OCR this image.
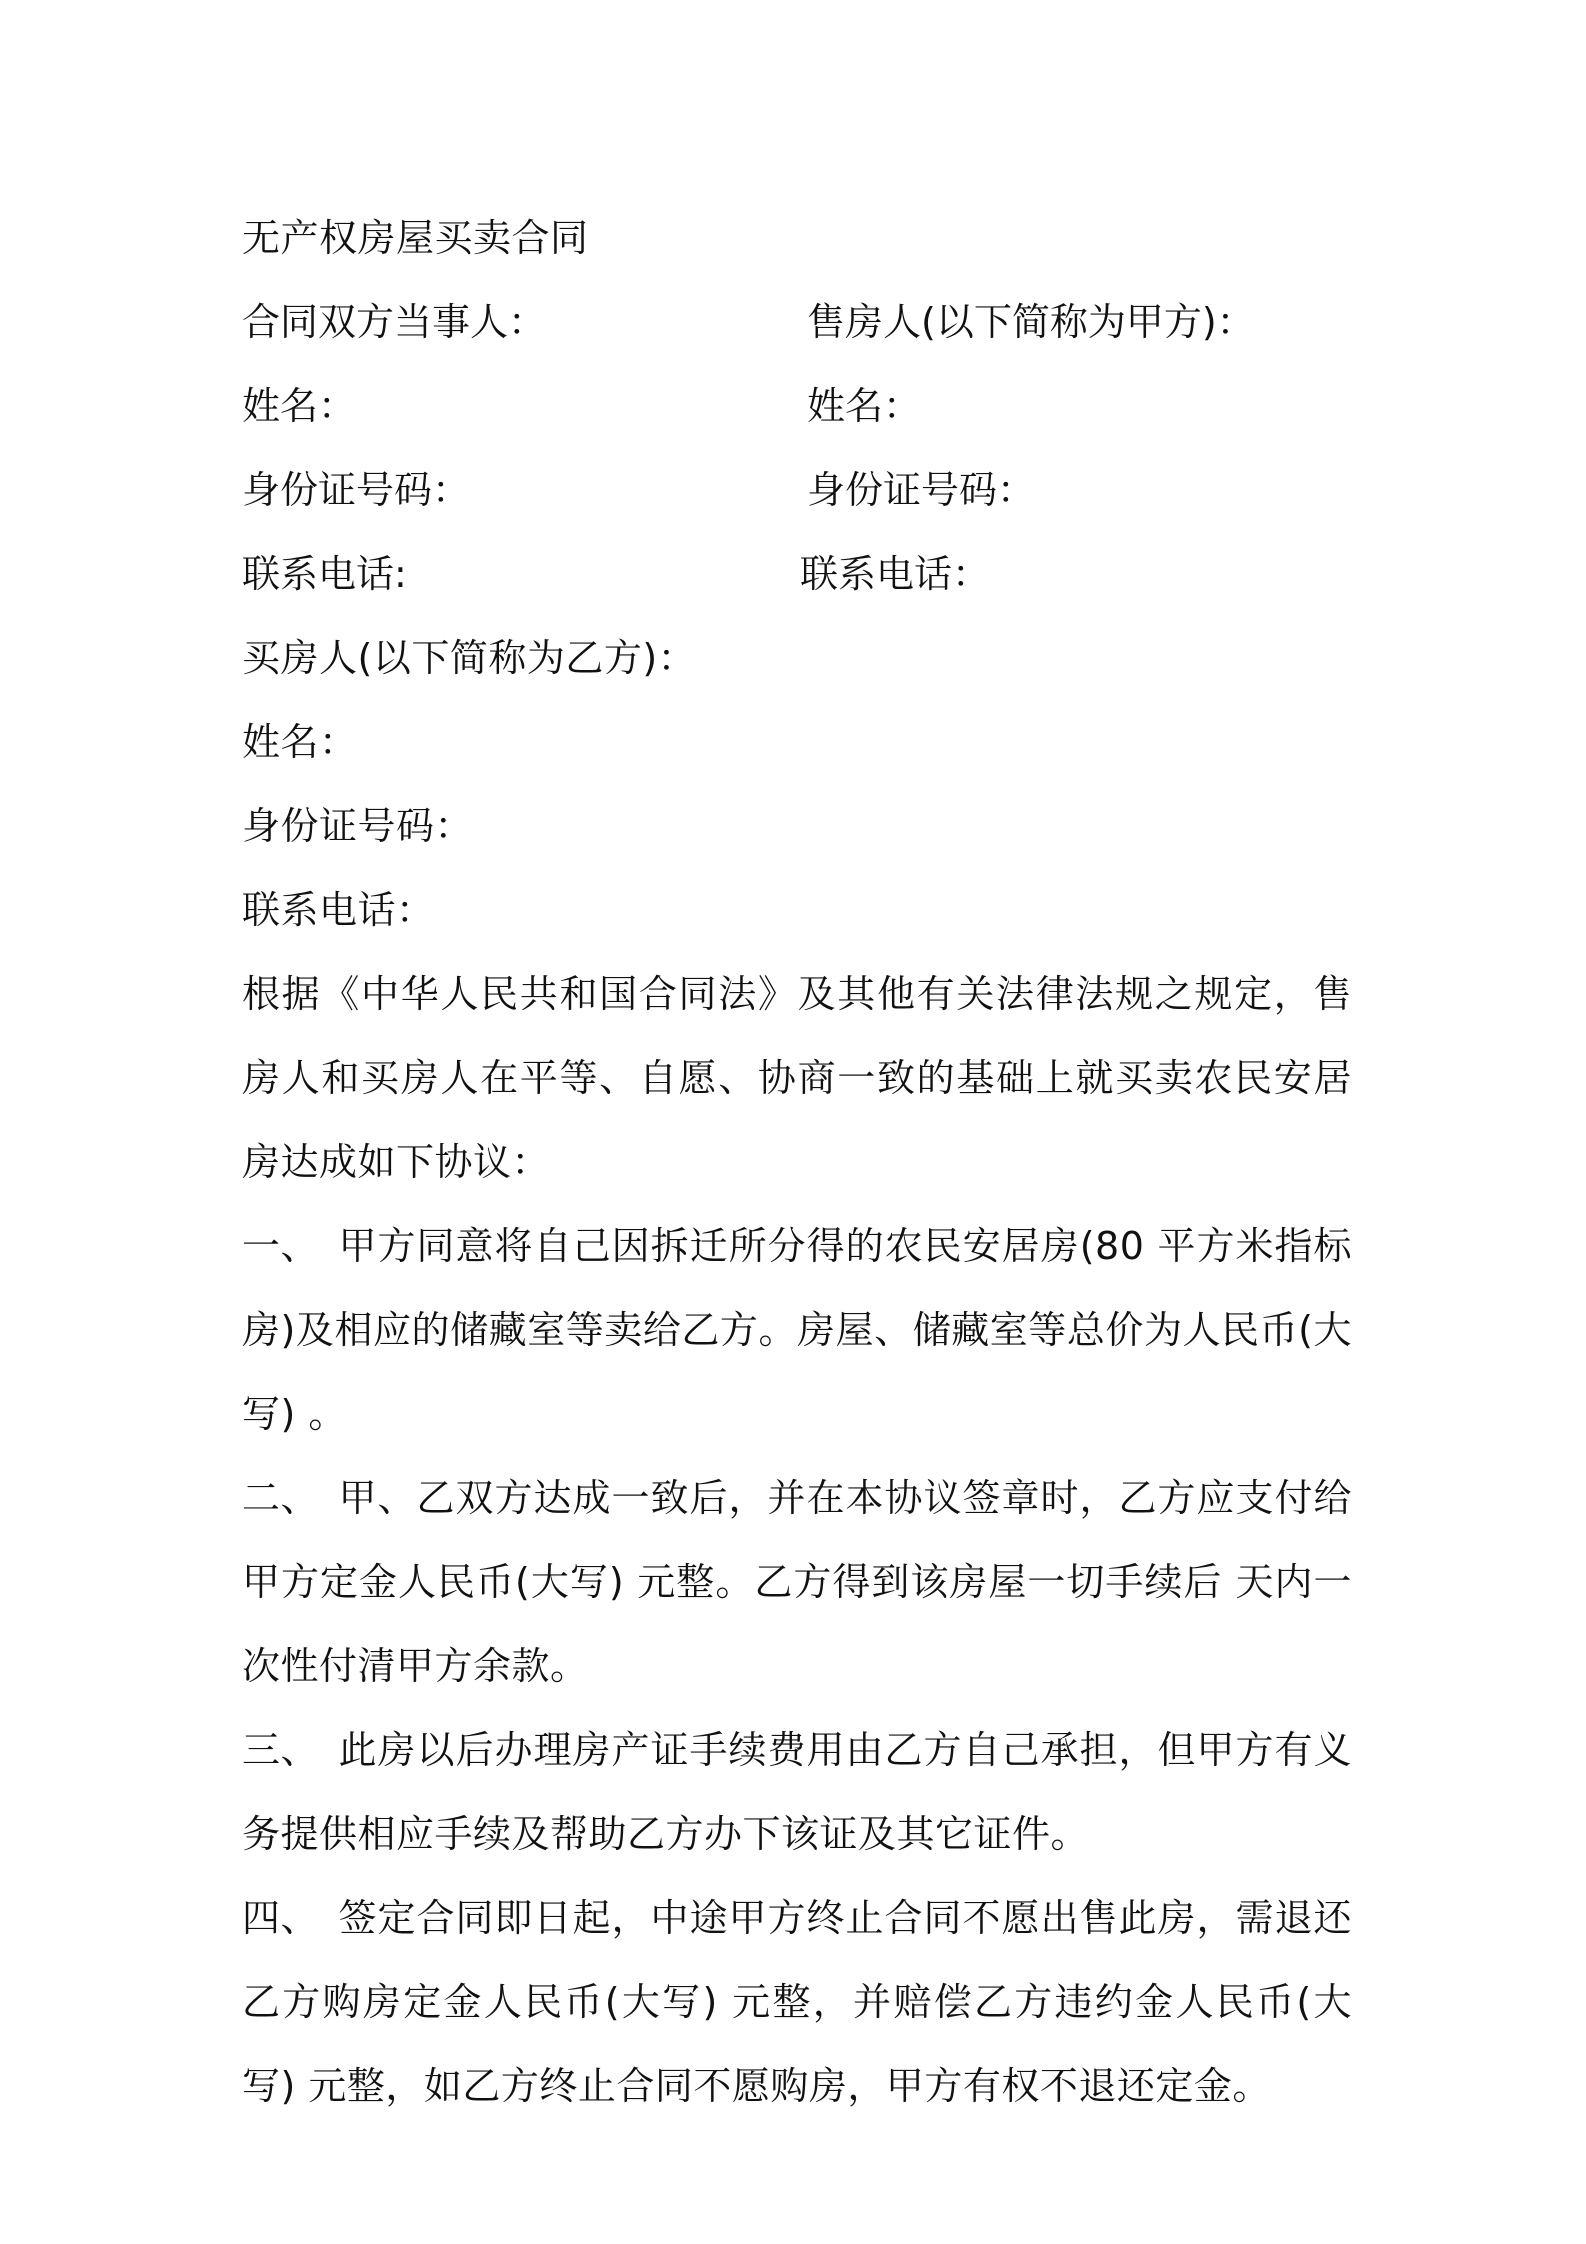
无产权房屋买卖合同
合同双方当事人：	售房人(以下简称为甲方)：
姓名：	姓名：
身份证号码：	身份证号码：
联系电话:	联系电话：
买房人(以下简称为乙方)：
姓名：
身份证号码：
联系电话：
根据《中华人民共和国合同法》及其他有关法律法规之规定，售房人和买房人在平等、自愿、协商一致的基础上就买卖农民安居房达成如下协议：
一、 甲方同意将自己因拆迁所分得的农民安居房(80 平方米指标房)及相应的储藏室等卖给乙方。房屋、储藏室等总价为人民币(大写) 。
二、 甲、乙双方达成一致后，并在本协议签章时，乙方应支付给甲方定金人民币(大写) 元整。乙方得到该房屋一切手续后 天内一次性付清甲方余款。
三、 此房以后办理房产证手续费用由乙方自己承担，但甲方有义务提供相应手续及帮助乙方办下该证及其它证件。
四、 签定合同即日起，中途甲方终止合同不愿出售此房，需退还乙方购房定金人民币(大写) 元整，并赔偿乙方违约金人民币(大写) 元整，如乙方终止合同不愿购房，甲方有权不退还定金。
